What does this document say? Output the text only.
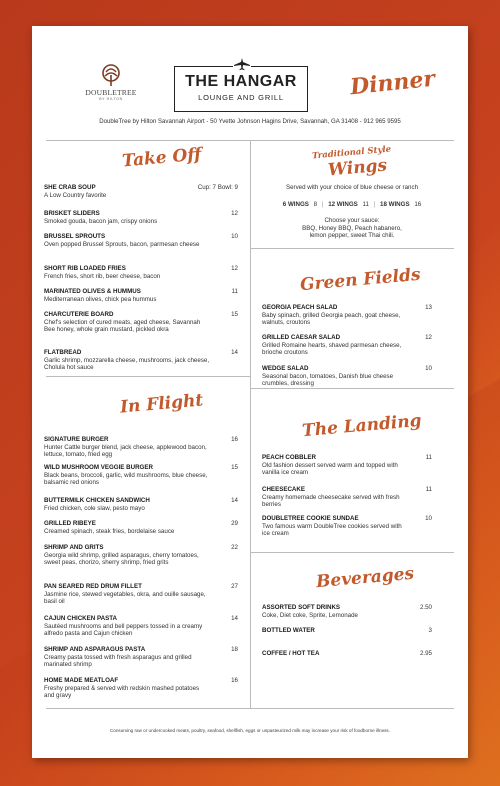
DOUBLETREE
BY HILTON
THE HANGAR
LOUNGE AND GRILL	Dinner
DoubleTree by Hilton Savannah Airport - 50 Yvette Johnson Hagins Drive, Savannah, GA 31408 - 912 965 9595
Take Off
SHE CRAB SOUP	Cup: 7 Bowl: 9
A Low Country favorite
BRISKET SLIDERS	12
Smoked gouda, bacon jam, crispy onions
BRUSSEL SPROUTS	10
Oven popped Brussel Sprouts, bacon, parmesan cheese
SHORT RIB LOADED FRIES	12
French fries, short rib, beer cheese, bacon
MARINATED OLIVES & HUMMUS	11
Mediterranean olives, chick pea hummus
CHARCUTERIE BOARD	15
Chef's selection of cured meats, aged cheese, Savannah Bee honey, whole grain mustard, pickled okra
FLATBREAD	14
Garlic shrimp, mozzarella cheese, mushrooms, jack cheese, Cholula hot sauce
In Flight
SIGNATURE BURGER	16
Hunter Cattle burger blend, jack cheese, applewood bacon, lettuce, tomato, fried egg
WILD MUSHROOM VEGGIE BURGER	15
Black beans, broccoli, garlic, wild mushrooms, blue cheese, balsamic red onions
BUTTERMILK CHICKEN SANDWICH	14
Fried chicken, cole slaw, pesto mayo
GRILLED RIBEYE	29
Creamed spinach, steak fries, bordelaise sauce
SHRIMP AND GRITS	22
Georgia wild shrimp, grilled asparagus, cherry tomatoes, sweet peas, chorizo, sherry shrimp, fried grits
PAN SEARED RED DRUM FILLET	27
Jasmine rice, stewed vegetables, okra, and ouille sausage, basil oil
CAJUN CHICKEN PASTA	14
Sautéed mushrooms and bell peppers tossed in a creamy alfredo pasta and Cajun chicken
SHRIMP AND ASPARAGUS PASTA	18
Creamy pasta tossed with fresh asparagus and grilled marinated shrimp
HOME MADE MEATLOAF	16
Freshy prepared & served with redskin mashed potatoes and gravy
Traditional Style
Wings
Served with your choice of blue cheese or ranch
6 WINGS 8 | 12 WINGS 11 | 18 WINGS 16
Choose your sauce:
BBQ, Honey BBQ, Peach habanero,
lemon pepper, sweet Thai chili.
Green Fields
GEORGIA PEACH SALAD	13
Baby spinach, grilled Georgia peach, goat cheese, walnuts, croutons
GRILLED CAESAR SALAD	12
Grilled Romaine hearts, shaved parmesan cheese, brioche croutons
WEDGE SALAD	10
Seasonal bacon, tomatoes, Danish blue cheese crumbles, dressing
The Landing
PEACH COBBLER	11
Old fashion dessert served warm and topped with vanilla ice cream
CHEESECAKE	11
Creamy homemade cheesecake served with fresh berries
DOUBLETREE COOKIE SUNDAE	10
Two famous warm DoubleTree cookies served with ice cream
Beverages
ASSORTED SOFT DRINKS	2.50
Coke, Diet coke, Sprite, Lemonade
BOTTLED WATER	3
COFFEE / HOT TEA	2.95
Consuming raw or undercooked meats, poultry, seafood, shellfish, eggs or unpasteurized milk may increase your risk of foodborne illness.
